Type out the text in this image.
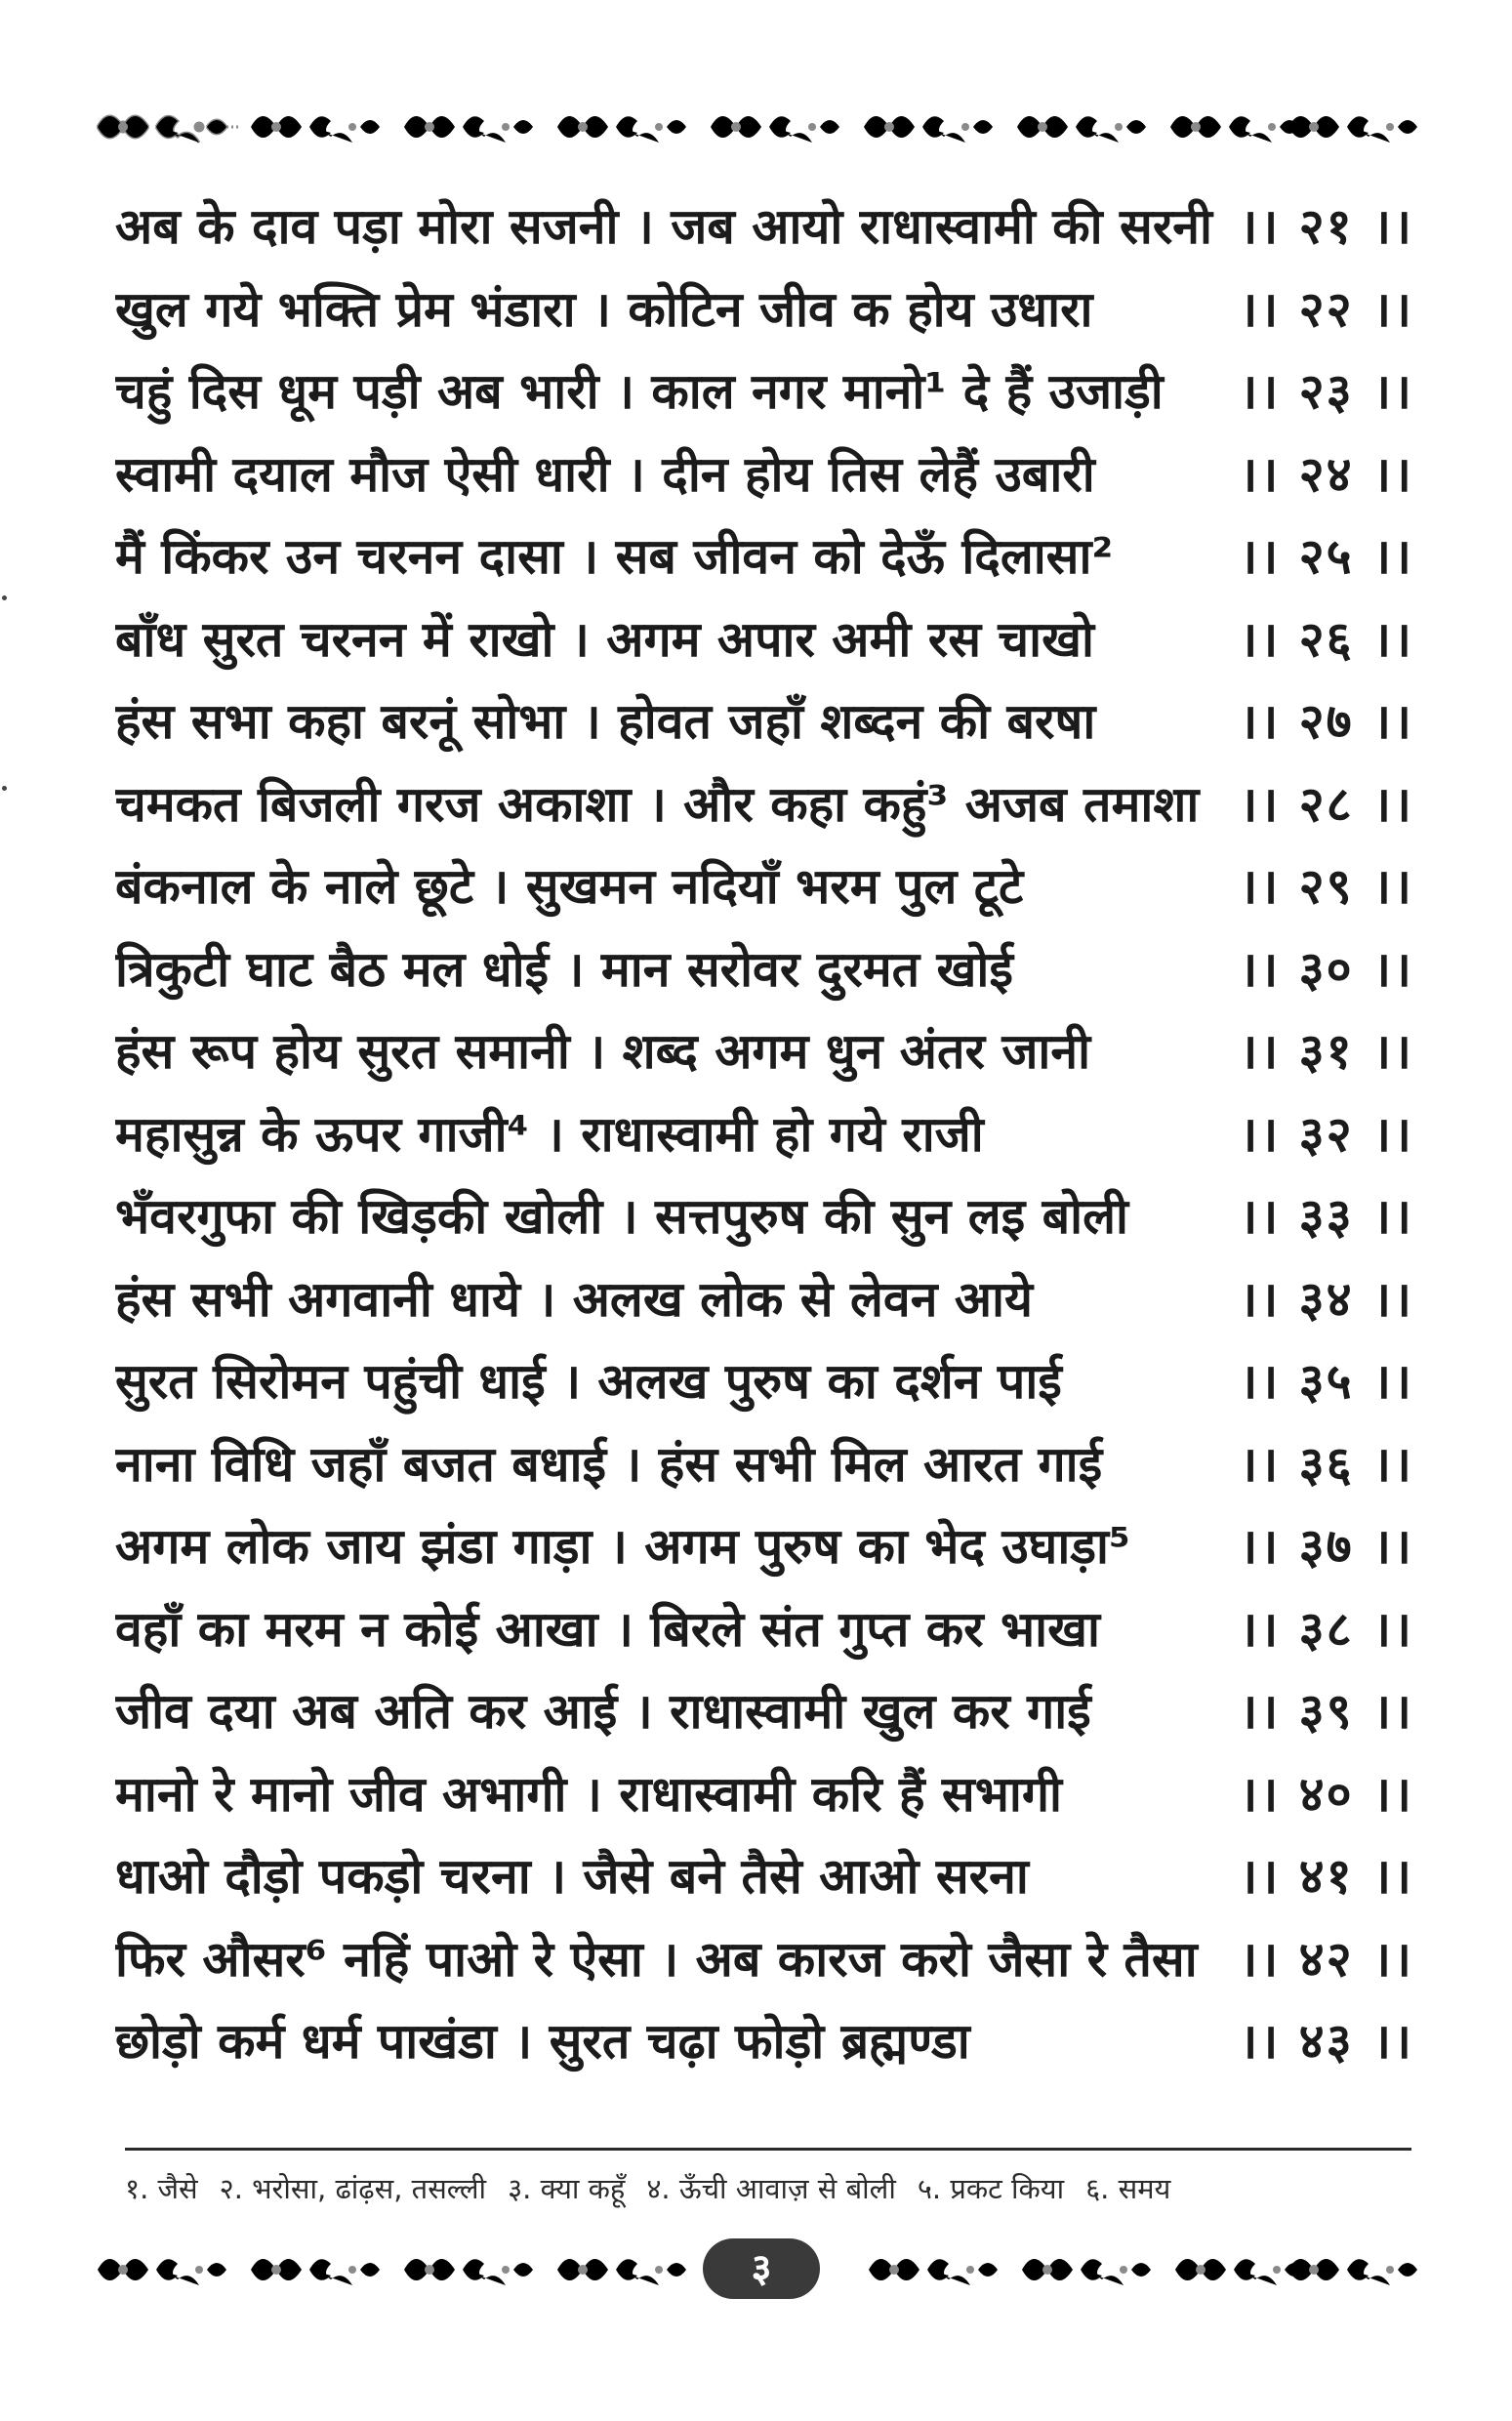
अब के दाव पड़ा मोरा सजनी । जब आयो राधास्वामी की सरनी ।। २१ ।।
खुल गये भक्ति प्रेम भंडारा । कोटिन जीव क होय उधारा	।। २२ ।।
चहुं दिस धूम पड़ी अब भारी । काल नगर मानो¹ दे हैं उजाड़ी	।। २३ ।।
स्वामी दयाल मौज ऐसी धारी । दीन होय तिस लेहैं उबारी	।। २४ ।।
मैं किंकर उन चरनन दासा । सब जीवन को देऊँ दिलासा²	।। २५ ।।
बाँध सुरत चरनन में राखो । अगम अपार अमी रस चाखो	।। २६ ।।
हंस सभा कहा बरनूं सोभा । होवत जहाँ शब्दन की बरषा	।। २७ ।।
चमकत बिजली गरज अकाशा । और कहा कहुं³ अजब तमाशा ।। २८ ।।
बंकनाल के नाले छूटे । सुखमन नदियाँ भरम पुल टूटे	।। २९ ।।
त्रिकुटी घाट बैठ मल धोई । मान सरोवर दुरमत खोई	।। ३० ।।
हंस रूप होय सुरत समानी । शब्द अगम धुन अंतर जानी	।। ३१ ।।
महासुन्न के ऊपर गाजी⁴ । राधास्वामी हो गये राजी	।। ३२ ।।
भँवरगुफा की खिड़की खोली । सत्तपुरुष की सुन लइ बोली	।। ३३ ।।
हंस सभी अगवानी धाये । अलख लोक से लेवन आये	।। ३४ ।।
सुरत सिरोमन पहुंची धाई । अलख पुरुष का दर्शन पाई	।। ३५ ।।
नाना विधि जहाँ बजत बधाई । हंस सभी मिल आरत गाई	।। ३६ ।।
अगम लोक जाय झंडा गाड़ा । अगम पुरुष का भेद उघाड़ा⁵	।। ३७ ।।
वहाँ का मरम न कोई आखा । बिरले संत गुप्त कर भाखा	।। ३८ ।।
जीव दया अब अति कर आई । राधास्वामी खुल कर गाई	।। ३९ ।।
मानो रे मानो जीव अभागी । राधास्वामी करि हैं सभागी	।। ४० ।।
धाओ दौड़ो पकड़ो चरना । जैसे बने तैसे आओ सरना	।। ४१ ।।
फिर औसर⁶ नहिं पाओ रे ऐसा । अब कारज करो जैसा रे तैसा ।। ४२ ।।
छोड़ो कर्म धर्म पाखंडा । सुरत चढ़ा फोड़ो ब्रह्मण्डा	।। ४३ ।।
१. जैसे २. भरोसा, ढांढ़स, तसल्ली ३. क्या कहूँ ४. ऊँची आवाज़ से बोली ५. प्रकट किया ६. समय
३
